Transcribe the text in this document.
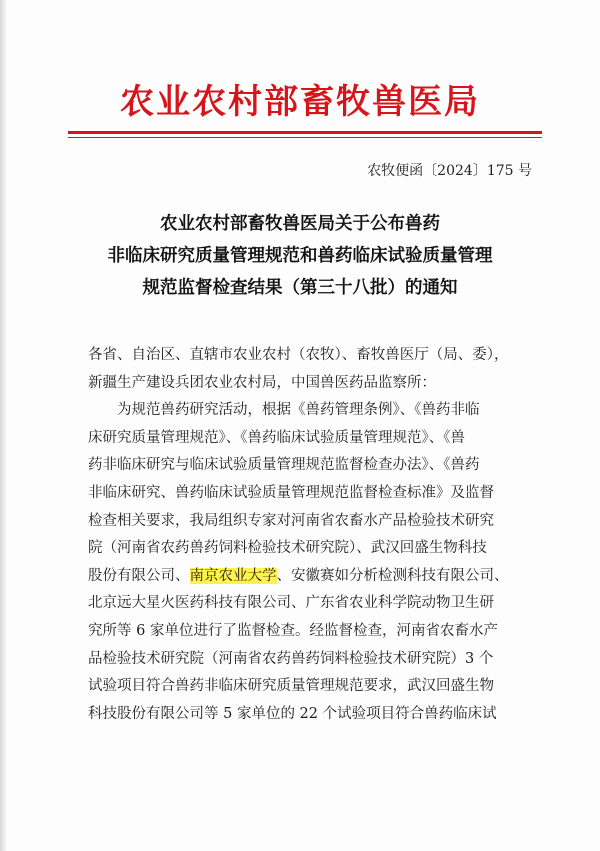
农业农村部畜牧兽医局
农牧便函〔2024〕175 号
农业农村部畜牧兽医局关于公布兽药
非临床研究质量管理规范和兽药临床试验质量管理
规范监督检查结果（第三十八批）的通知
各省、自治区、直辖市农业农村（农牧）、畜牧兽医厅（局、委），
新疆生产建设兵团农业农村局，中国兽医药品监察所：
为规范兽药研究活动，根据《兽药管理条例》、《兽药非临
床研究质量管理规范》、《兽药临床试验质量管理规范》、《兽
药非临床研究与临床试验质量管理规范监督检查办法》、《兽药
非临床研究、兽药临床试验质量管理规范监督检查标准》及监督
检查相关要求，我局组织专家对河南省农畜水产品检验技术研究
院（河南省农药兽药饲料检验技术研究院）、武汉回盛生物科技
股份有限公司、南京农业大学、安徽赛如分析检测科技有限公司、
北京远大星火医药科技有限公司、广东省农业科学院动物卫生研
究所等 6 家单位进行了监督检查。经监督检查，河南省农畜水产
品检验技术研究院（河南省农药兽药饲料检验技术研究院）3 个
试验项目符合兽药非临床研究质量管理规范要求，武汉回盛生物
科技股份有限公司等 5 家单位的 22 个试验项目符合兽药临床试
